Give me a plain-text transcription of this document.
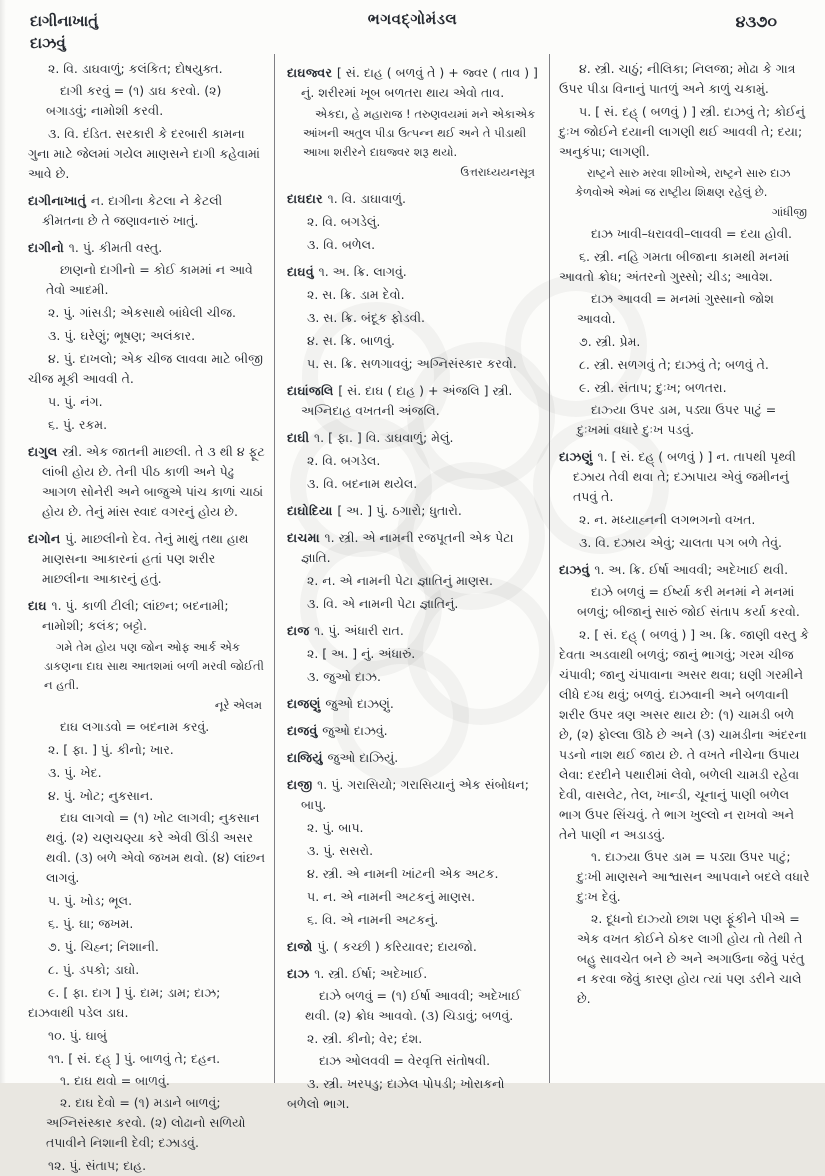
દાગીનાખાતું
દાઝવું
ભગવદ્ગોમંડલ	૪૩૭૦

૨. વિ. ડાઘવાળું; કલંકિત; દોષયુક્ત.

દાગી કરવું = (૧) ડાઘ કરવો. (૨) બગાડવું; નામોશી કરવી.

૩. વિ. દંડિત. સરકારી કે દરબારી કામના ગુના માટે જેલમાં ગયેલ માણસને દાગી કહેવામાં આવે છે.

દાગીનાખાતું ન. દાગીના કેટલા ને કેટલી કીમતના છે તે જણાવનારું ખાતું.

દાગીનો ૧. પું. કીમતી વસ્તુ.

છાણનો દાગીનો = કોઈ કામમાં ન આવે તેવો આદમી.

૨. પું. ગાંસડી; એકસાથે બાંધેલી ચીજ.

૩. પું. ઘરેણું; ભૂષણ; અલંકાર.

૪. પું. દાખલો; એક ચીજ લાવવા માટે બીજી ચીજ મૂકી આવવી તે.

૫. પું. નંગ.

૬. પું. રકમ.

દાગુલ સ્ત્રી. એક જાતની માછલી. તે ૩ થી ૪ ફૂટ લાંબી હોય છે. તેની પીઠ કાળી અને પેઢુ આગળ સોનેરી અને બાજુએ પાંચ કાળાં ચાઠાં હોય છે. તેનું માંસ સ્વાદ વગરનું હોય છે.

દાગોન પું. માછલીનો દેવ. તેનું માથું તથા હાથ માણસના આકારનાં હતાં પણ શરીર માછલીના આકારનું હતું.

દાઘ ૧. પું. કાળી ટીલી; લાંછન; બદનામી; નામોશી; કલંક; બટ્ટો.

ગમે તેમ હોય પણ જોન ઓફ આર્ક એક ડાકણના દાઘ સાથ આતશમાં બળી મરવી જોઈતી ન હતી.

નૂરે એલમ

દાઘ લગાડવો = બદનામ કરવું.

૨. [ ફા. ] પું. કીનો; ખાર.

૩. પું. ખેદ.

૪. પું. ખોટ; નુકસાન.

દાઘ લાગવો = (૧) ખોટ લાગવી; નુકસાન થવું. (૨) ચણચણ્યા કરે એવી ઊંડી અસર થવી. (૩) બળે એવો જખમ થવો. (૪) લાંછન લાગવું.

૫. પું. ખોડ; ભૂલ.

૬. પું. ઘા; જખમ.

૭. પું. ચિહ્ન; નિશાની.

૮. પું. ડપકો; ડાઘો.

૯. [ ફા. દાગ ] પું. દામ; ડામ; દાઝ; દાઝવાથી પડેલ ડાઘ.

૧૦. પું. ઘાબું

૧૧. [ સં. દહ્ ] પું. બાળવું તે; દહન.

૧. દાઘ થવો = બાળવું.

૨. દાઘ દેવો = (૧) મડાને બાળવું; અગ્નિસંસ્કાર કરવો. (૨) લોઢાનો સળિયો તપાવીને નિશાની દેવી; દઝાડવું.

૧૨. પું. સંતાપ; દાહ.

દાઘજ્વર [ સં. દાહ ( બળવું તે ) + જ્વર ( તાવ ) ] નું. શરીરમાં ખૂબ બળતરા થાય એવો તાવ.

એકદા, હે મહારાજ ! તરુણવયમાં મને એકાએક આંખની અતુલ પીડા ઉત્પન્ન થઈ અને તે પીડાથી આખા શરીરને દાઘજ્વર શરૂ થયો.

ઉત્તરાધ્યયનસૂત્ર

દાઘદાર ૧. વિ. ડાઘાવાળું.

૨. વિ. બગડેલું.

૩. વિ. બળેલ.

દાઘવું ૧. અ. ક્રિ. લાગવું.

૨. સ. ક્રિ. ડામ દેવો.

૩. સ. ક્રિ. બંદૂક ફોડવી.

૪. સ. ક્રિ. બાળવું.

૫. સ. ક્રિ. સળગાવવું; અગ્નિસંસ્કાર કરવો.

દાઘાંજલિ [ સં. દાઘ ( દાહ ) + અંજલિ ] સ્ત્રી. અગ્નિદાહ વખતની અંજલિ.

દાઘી ૧. [ ફા. ] વિ. ડાઘવાળું; મેલું.

૨. વિ. બગડેલ.

૩. વિ. બદનામ થયેલ.

દાઘોદિયા [ અ. ] પું. ઠગારો; ધુતારો.

દાચમા ૧. સ્ત્રી. એ નામની રજપૂતની એક પેટા જ્ઞાતિ.

૨. ન. એ નામની પેટા જ્ઞાતિનું માણસ.

૩. વિ. એ નામની પેટા જ્ઞાતિનું.

દાજ ૧. પું. અંધારી રાત.

૨. [ અ. ] નું. અંધારું.

૩. જુઓ દાઝ.

દાજણું જુઓ દાઝણું.

દાજવું જુઓ દાઝવું.

દાજિયું જુઓ દાઝિયું.

દાજી ૧. પું. ગરાસિયો; ગરાસિયાનું એક સંબોધન; બાપુ.

૨. પું. બાપ.

૩. પું. સસરો.

૪. સ્ત્રી. એ નામની ખાંટની એક અટક.

૫. ન. એ નામની અટકનું માણસ.

૬. વિ. એ નામની અટકનું.

દાજો પું. ( કચ્છી ) કરિયાવર; દાયજો.

દાઝ ૧. સ્ત્રી. ઈર્ષા; અદેખાઈ.

દાઝે બળવું = (૧) ઈર્ષા આવવી; અદેખાઈ થવી. (૨) ક્રોધ આવવો. (૩) ચિડાવું; બળવું.

૨. સ્ત્રી. કીનો; વેર; દંશ.

દાઝ ઓલવવી = વેરવૃત્તિ સંતોષવી.

૩. સ્ત્રી. ખરપડુ; દાઝેલ પોપડી; ખોરાકનો બળેલો ભાગ.

૪. સ્ત્રી. ચાઠું; નીલિકા; નિલજા; મોઢા કે ગાત્ર ઉપર પીડા વિનાનું પાતળું અને કાળું ચકામું.

૫. [ સં. દહ્ ( બળવું ) ] સ્ત્રી. દાઝવું તે; કોઈનું દુઃખ જોઈને દયાની લાગણી થઈ આવવી તે; દયા; અનુકંપા; લાગણી.

રાષ્ટ્રને સારુ મરવા શીખોએ, રાષ્ટ્રને સારુ દાઝ કેળવોએ એમાં જ રાષ્ટ્રીય શિક્ષણ રહેલું છે.

ગાંધીજી

દાઝ ખાવી–ધરાવવી–લાવવી = દયા હોવી.

૬. સ્ત્રી. નહિ ગમતા બીજાના કામથી મનમાં આવતો ક્રોધ; અંતરનો ગુસ્સો; ચીડ; આવેશ.

દાઝ આવવી = મનમાં ગુસ્સાનો જોશ આવવો.

૭. સ્ત્રી. પ્રેમ.

૮. સ્ત્રી. સળગવું તે; દાઝવું તે; બળવું તે.

૯. સ્ત્રી. સંતાપ; દુઃખ; બળતરા.

દાઝ્યા ઉપર ડામ, પડ્યા ઉપર પાટું = દુઃખમાં વધારે દુઃખ પડવું.

દાઝણું ૧. [ સં. દહ્ ( બળવું ) ] ન. તાપથી પૃથ્વી દઝાય તેવી થવા તે; દઝાપાય એવું જમીનનું તપવું તે.

૨. ન. મધ્યાહ્નની લગભગનો વખત.

૩. વિ. દઝાય એવું; ચાલતા પગ બળે તેવું.

દાઝવું ૧. અ. ક્રિ. ઈર્ષા આવવી; અદેખાઈ થવી.

દાઝે બળવું = ઈર્ષ્યા કરી મનમાં ને મનમાં બળવું; બીજાનું સારું જોઈ સંતાપ કર્યા કરવો.

૨. [ સં. દહ્ ( બળવું ) ] અ. ક્રિ. જાણી વસ્તુ કે દેવતા અડવાથી બળવું; જાનું ભાગવું; ગરમ ચીજ ચંપાવી; જાનુ ચંપાવાના અસર થવા; ઘણી ગરમીને લીધે દગ્ધ થવું; બળવું. દાઝવાની અને બળવાની શરીર ઉપર ત્રણ અસર થાય છે: (૧) ચામડી બળે છે, (૨) ફોલ્લા ઊઠે છે અને (૩) ચામડીના અંદરના પડનો નાશ થઈ જાય છે. તે વખતે નીચેના ઉપાય લેવા: દરદીને પથારીમાં લેવો, બળેલી ચામડી રહેવા દેવી, વાસલેટ, તેલ, ખાન્ડી, ચૂનાનું પાણી બળેલ ભાગ ઉપર સિંચવું. તે ભાગ ખુલ્લો ન રાખવો અને તેને પાણી ન અડાડવું.

૧. દાઝ્યા ઉપર ડામ = પડ્યા ઉપર પાટું; દુઃખી માણસને આશ્વાસન આપવાને બદલે વધારે દુઃખ દેવું.

૨. દૂધનો દાઝ્યો છાશ પણ ફૂંકીને પીએ = એક વખત કોઈને ઠોકર લાગી હોય તો તેથી તે બહુ સાવચેત બને છે અને અગાઉના જેવું પરંતુ ન કરવા જેવું કારણ હોય ત્યાં પણ ડરીને ચાલે છે.
